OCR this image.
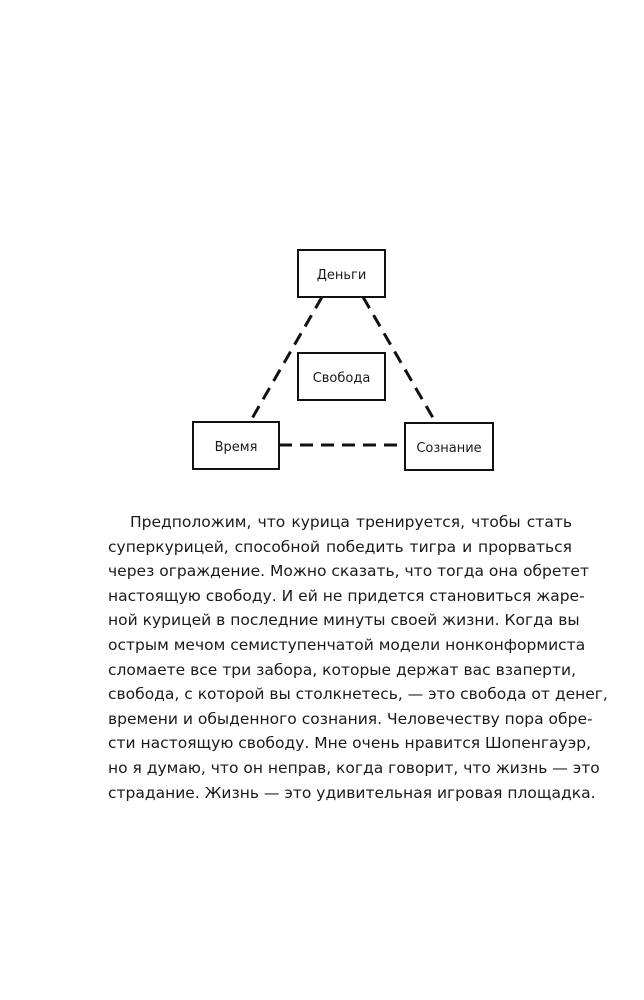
Деньги
Свобода
Время	Сознание

Предположим, что курица тренируется, чтобы стать
суперкурицей, способной победить тигра и прорваться
через ограждение. Можно сказать, что тогда она обретет
настоящую свободу. И ей не придется становиться жаре-
ной курицей в последние минуты своей жизни. Когда вы
острым мечом семиступенчатой модели нонконформиста
сломаете все три забора, которые держат вас взаперти,
свобода, с которой вы столкнетесь, — это свобода от денег,
времени и обыденного сознания. Человечеству пора обре-
сти настоящую свободу. Мне очень нравится Шопенгауэр,
но я думаю, что он неправ, когда говорит, что жизнь — это
страдание. Жизнь — это удивительная игровая площадка.
